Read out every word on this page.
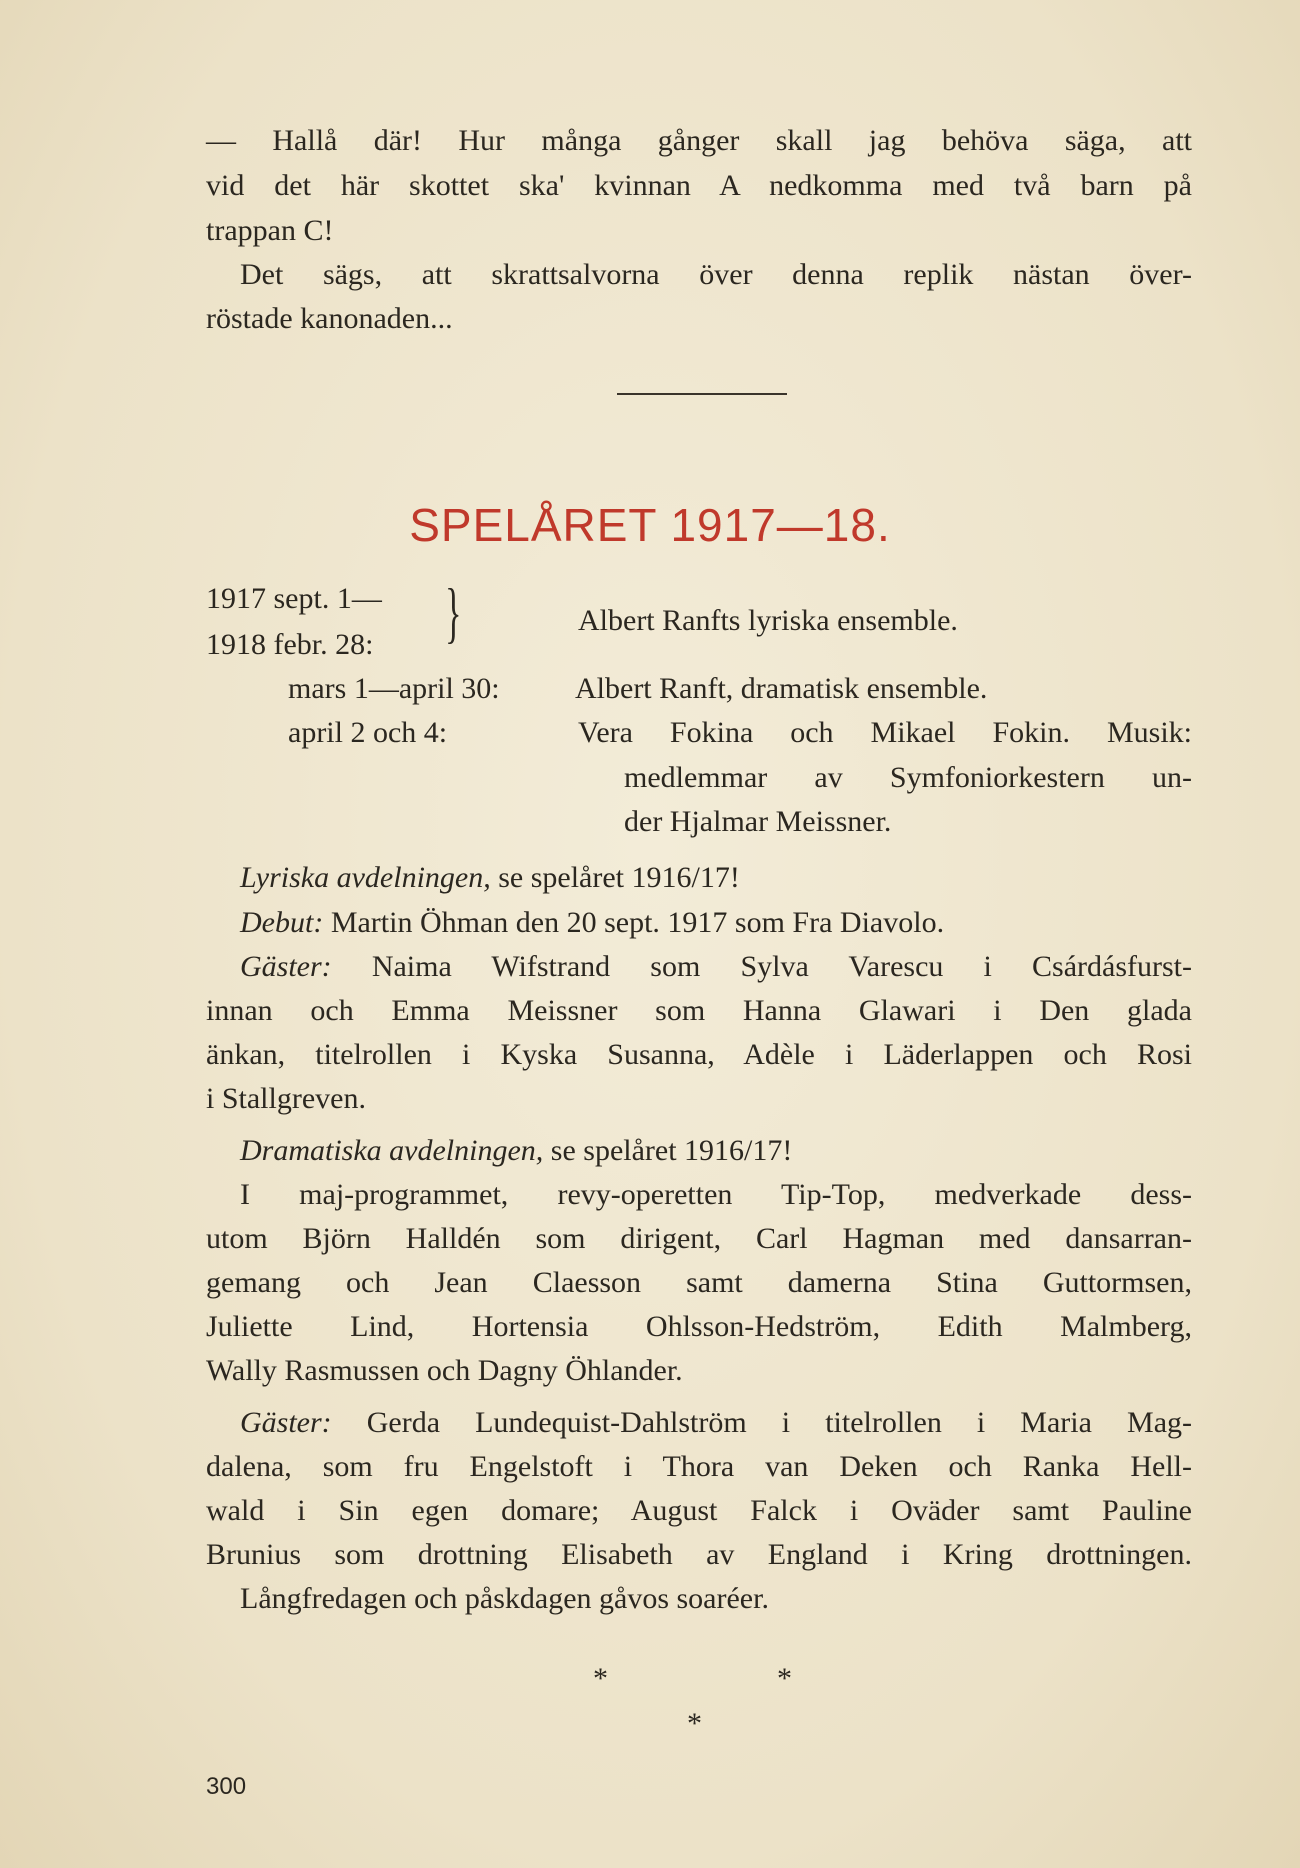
— Hallå där! Hur många gånger skall jag behöva säga, att
vid det här skottet ska' kvinnan A nedkomma med två barn på
trappan C!
Det sägs, att skrattsalvorna över denna replik nästan över-
röstade kanonaden...
SPELÅRET 1917—18.
1917 sept. 1—
1918 febr. 28: }	Albert Ranfts lyriska ensemble.
mars 1—april 30:	Albert Ranft, dramatisk ensemble.
april 2 och 4:	Vera Fokina och Mikael Fokin. Musik:
medlemmar av Symfoniorkestern un-
der Hjalmar Meissner.
Lyriska avdelningen, se spelåret 1916/17!
Debut: Martin Öhman den 20 sept. 1917 som Fra Diavolo.
Gäster: Naima Wifstrand som Sylva Varescu i Csárdásfurst-
innan och Emma Meissner som Hanna Glawari i Den glada
änkan, titelrollen i Kyska Susanna, Adèle i Läderlappen och Rosi
i Stallgreven.
Dramatiska avdelningen, se spelåret 1916/17!
I maj-programmet, revy-operetten Tip-Top, medverkade dess-
utom Björn Halldén som dirigent, Carl Hagman med dansarran-
gemang och Jean Claesson samt damerna Stina Guttormsen,
Juliette Lind, Hortensia Ohlsson-Hedström, Edith Malmberg,
Wally Rasmussen och Dagny Öhlander.
Gäster: Gerda Lundequist-Dahlström i titelrollen i Maria Mag-
dalena, som fru Engelstoft i Thora van Deken och Ranka Hell-
wald i Sin egen domare; August Falck i Oväder samt Pauline
Brunius som drottning Elisabeth av England i Kring drottningen.
Långfredagen och påskdagen gåvos soaréer.
*	*
*
300
